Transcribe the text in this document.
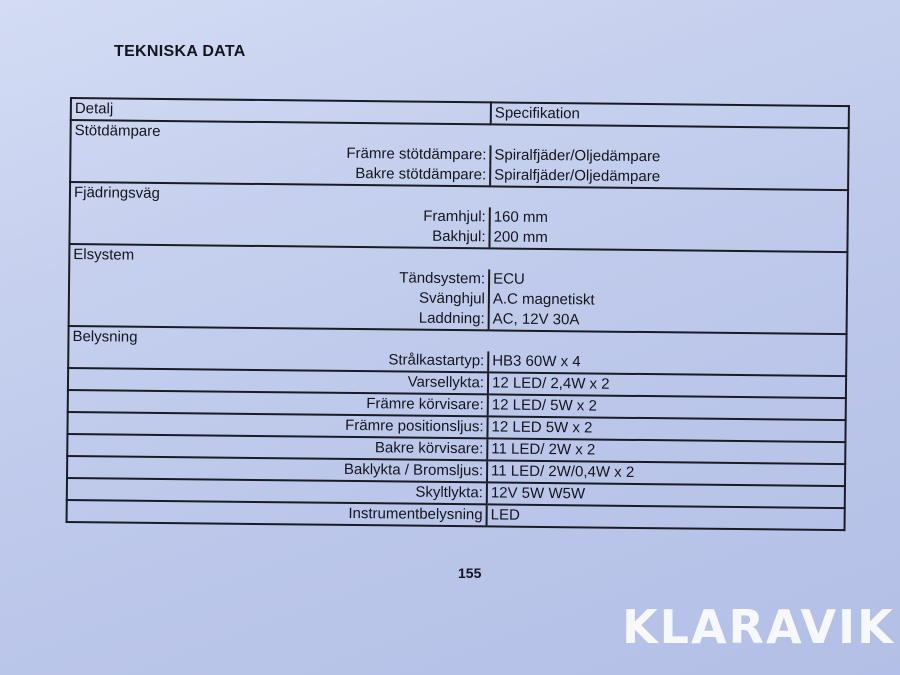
TEKNISKA DATA
Detalj	Specifikation
Stötdämpare	
Främre stötdämpare:	Spiralfjäder/Oljedämpare
Bakre stötdämpare:	Spiralfjäder/Oljedämpare
Fjädringsväg	
Framhjul:	160 mm
Bakhjul:	200 mm
Elsystem	
Tändsystem:	ECU
Svänghjul	A.C magnetiskt
Laddning:	AC, 12V 30A
Belysning	
Strålkastartyp:	HB3 60W x 4
Varsellykta:	12 LED/ 2,4W x 2
Främre körvisare:	12 LED/ 5W x 2
Främre positionsljus:	12 LED 5W x 2
Bakre körvisare:	11 LED/ 2W x 2
Baklykta / Bromsljus:	11 LED/ 2W/0,4W x 2
Skyltlykta:	12V 5W W5W
Instrumentbelysning	LED
155
KLARAVIK
